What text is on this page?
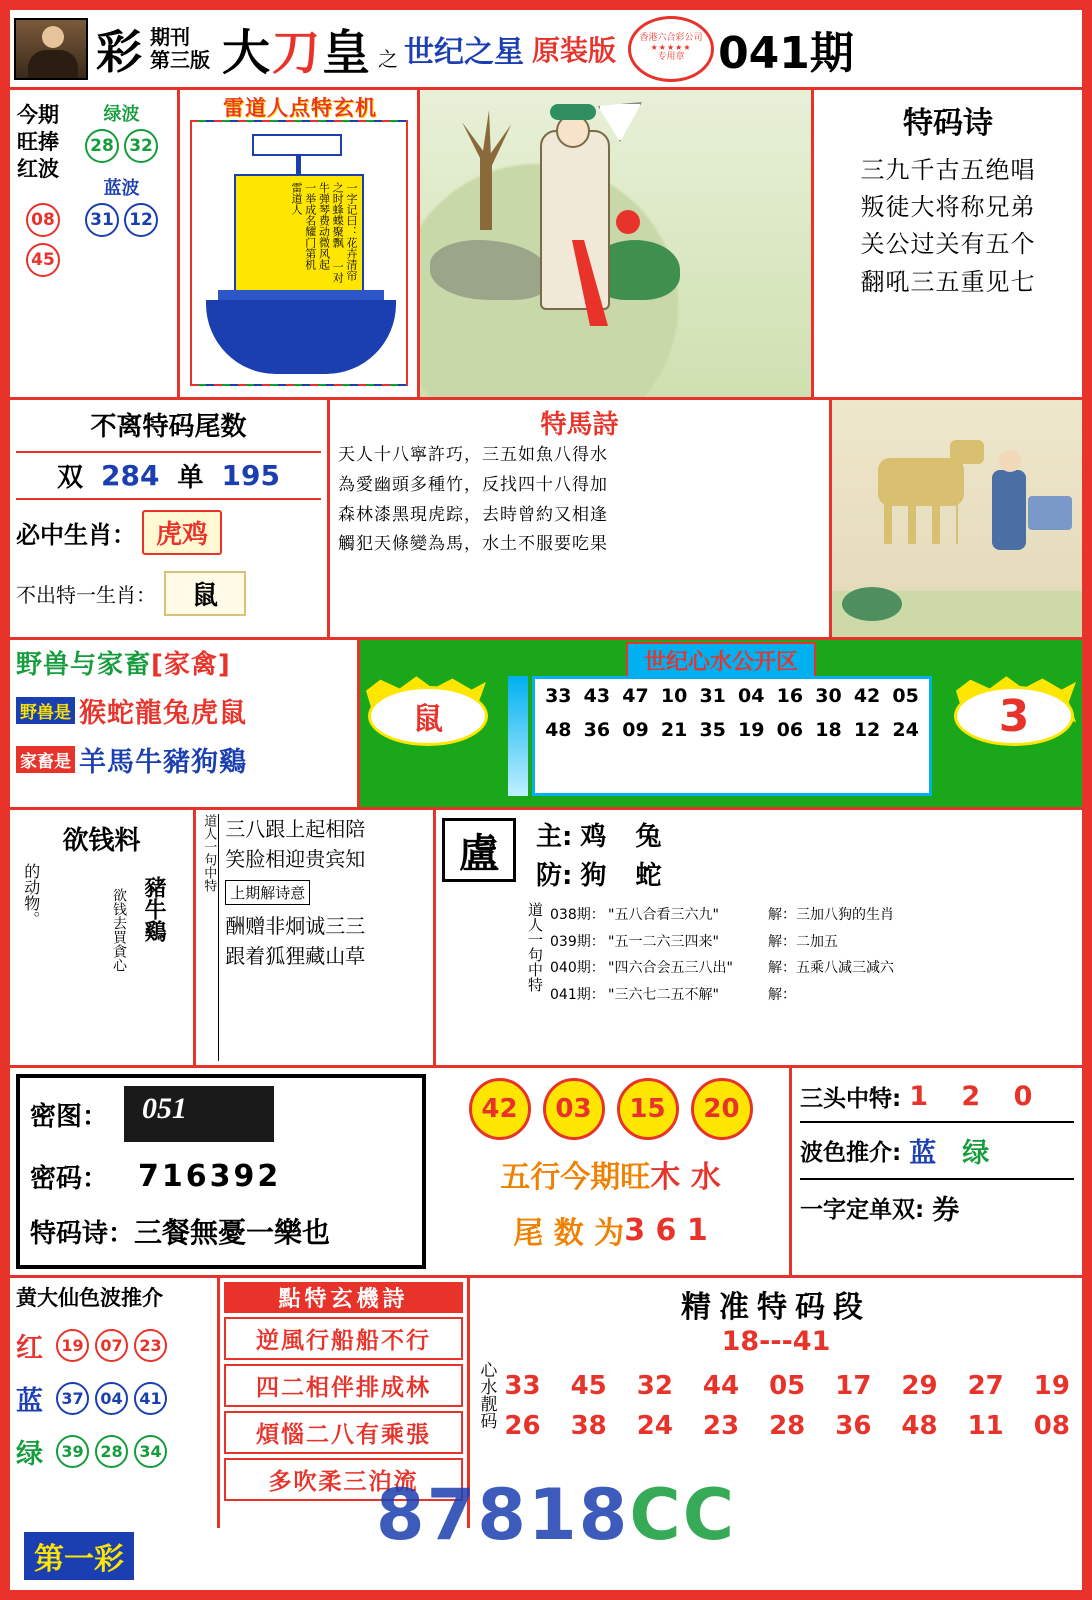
彩 期刊
第三版 大刀皇 之 世纪之星 原装版	香港六合彩公司
★★★★★
专用章 041期
今期旺捧红波
绿波
28 32
蓝波
31 12
08
45	一字记曰：花卉清帘之时蜂蝶聚飘 一对牛弹琴费动微风起 一举成名耀门第机 雷道人
雷道人点特玄机	特码诗
三九千古五绝唱
叛徒大将称兄弟
关公过关有五个
翻吼三五重见七
不离特码尾数
双 284 单 195
必中生肖： 虎鸡
不出特一生肖：	鼠
特馬詩
天人十八寧許巧，三五如魚八得水
為愛幽頭多種竹，反找四十八得加
森林漆黑現虎踪，去時曾約又相逢
觸犯天條變為馬，水土不服要吃果
野兽与家畜[家禽]
野兽是 猴蛇龍兔虎鼠
家畜是 羊馬牛豬狗鷄
世纪心水公开区
鼠	3
33 43 47 10 31 04 16 30 42 05
48 36 09 21 35 19 06 18 12 24
欲钱料
的动物。	欲钱去買貪心 豬牛鷄
道人一句中特 三八跟上起相陪
笑脸相迎贵宾知
上期解诗意
酬赠非炯诚三三
跟着狐狸藏山草
盧	主: 鸡 兔
防: 狗 蛇
道人一句中特 038期： "五八合看三六九"	解：三加八狗的生肖
039期： "五一二六三四来"	解：二加五
040期： "四六合会五三八出"	解：五乘八减三减六
041期： "三六七二五不解"	解：
密图： 051
密码： 716392
特码诗： 三餐無憂一樂也
42	03	15	20
五行今期旺 木 水
尾 数 为 3 6 1
三头中特: 1 2 0
波色推介: 蓝 绿
一字定单双: 券
黄大仙色波推介
红	19	07	23
蓝	37	04	41
绿	39	28	34
點特玄機詩
逆風行船船不行
四二相伴排成林
煩惱二八有乘張
多吹柔三泊流
精准特码段
18---41
心水靓码 33 45 32 44 05 17 29 27 19
26 38 24 23 28 36 48 11 08
87818CC
第一彩
